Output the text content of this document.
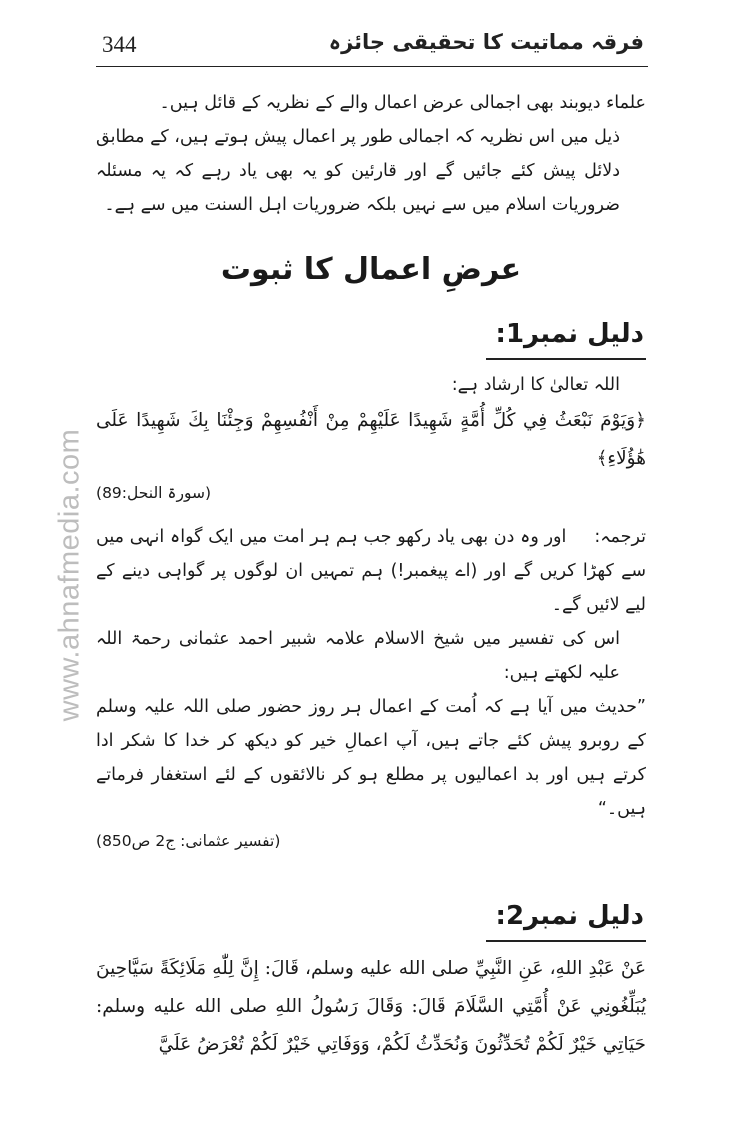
344	فرقہ مماتیت کا تحقیقی جائزہ
www.ahnafmedia.com

علماء دیوبند بھی اجمالی عرض اعمال والے کے نظریہ کے قائل ہیں۔

ذیل میں اس نظریہ کہ اجمالی طور پر اعمال پیش ہوتے ہیں، کے مطابق دلائل پیش کئے جائیں گے اور قارئین کو یہ بھی یاد رہے کہ یہ مسئلہ ضروریات اسلام میں سے نہیں بلکہ ضروریات اہل السنت میں سے ہے۔

عرضِ اعمال کا ثبوت
دلیل نمبر1:

اللہ تعالیٰ کا ارشاد ہے:

﴿وَيَوْمَ نَبْعَثُ فِي كُلِّ أُمَّةٍ شَهِيدًا عَلَيْهِمْ مِنْ أَنْفُسِهِمْ وَجِئْنَا بِكَ شَهِيدًا عَلَى هَٰؤُلَاءِ﴾

(سورۃ النحل:89)

ترجمہ:اور وہ دن بھی یاد رکھو جب ہم ہر امت میں ایک گواہ انہی میں سے کھڑا کریں گے اور (اے پیغمبر!) ہم تمہیں ان لوگوں پر گواہی دینے کے لیے لائیں گے۔

اس کی تفسیر میں شیخ الاسلام علامہ شبیر احمد عثمانی رحمۃ اللہ علیہ لکھتے ہیں:

”حدیث میں آیا ہے کہ اُمت کے اعمال ہر روز حضور صلی اللہ علیہ وسلم کے روبرو پیش کئے جاتے ہیں، آپ اعمالِ خیر کو دیکھ کر خدا کا شکر ادا کرتے ہیں اور بد اعمالیوں پر مطلع ہو کر نالائقوں کے لئے استغفار فرماتے ہیں۔“

(تفسیر عثمانی: ج2 ص850)

دلیل نمبر2:

عَنْ عَبْدِ اللهِ، عَنِ النَّبِيِّ صلی الله علیه وسلم، قَالَ: إِنَّ لِلّٰهِ مَلَائِكَةً سَيَّاحِينَ يُبَلِّغُونِي عَنْ أُمَّتِي السَّلَامَ قَالَ: وَقَالَ رَسُولُ اللهِ صلی الله علیه وسلم: حَيَاتِي خَيْرٌ لَكُمْ تُحَدِّثُونَ وَنُحَدِّثُ لَكُمْ، وَوَفَاتِي خَيْرٌ لَكُمْ تُعْرَضُ عَلَيَّ
